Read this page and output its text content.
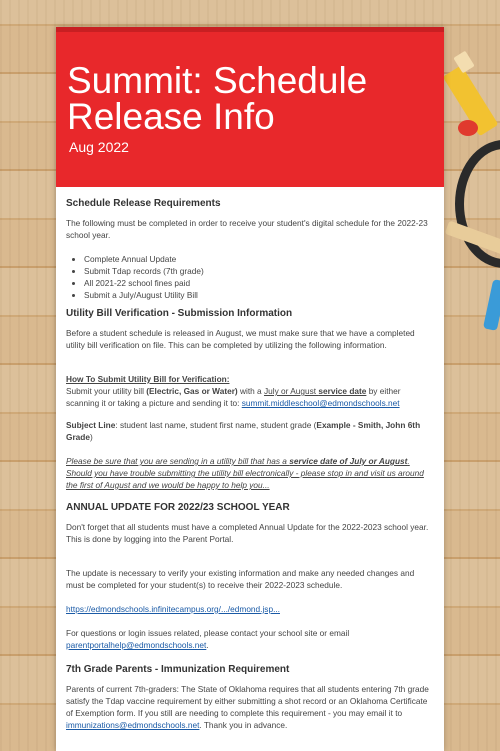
Summit: Schedule Release Info
Aug 2022
Schedule Release Requirements

The following must be completed in order to receive your student's digital schedule for the 2022-23 school year.

• Complete Annual Update
• Submit Tdap records (7th grade)
• All 2021-22 school fines paid
• Submit a July/August Utility Bill
Utility Bill Verification - Submission Information

Before a student schedule is released in August, we must make sure that we have a completed utility bill verification on file. This can be completed by utilizing the following information.

How To Submit Utility Bill for Verification:
Submit your utility bill (Electric, Gas or Water) with a July or August service date by either scanning it or taking a picture and sending it to: summit.middleschool@edmondschools.net

Subject Line: student last name, student first name, student grade (Example - Smith, John 6th Grade)

Please be sure that you are sending in a utility bill that has a service date of July or August. Should you have trouble submitting the utility bill electronically - please stop in and visit us around the first of August and we would be happy to help you...

ANNUAL UPDATE FOR 2022/23 SCHOOL YEAR

Don't forget that all students must have a completed Annual Update for the 2022-2023 school year. This is done by logging into the Parent Portal.

The update is necessary to verify your existing information and make any needed changes and must be completed for your student(s) to receive their 2022-2023 schedule.

https://edmondschools.infinitecampus.org/.../edmond.jsp...

For questions or login issues related, please contact your school site or email parentportalhelp@edmondschools.net.

7th Grade Parents - Immunization Requirement

Parents of current 7th-graders: The State of Oklahoma requires that all students entering 7th grade satisfy the Tdap vaccine requirement by either submitting a shot record or an Oklahoma Certificate of Exemption form. If you still are needing to complete this requirement - you may email it to immunizations@edmondschools.net. Thank you in advance.
